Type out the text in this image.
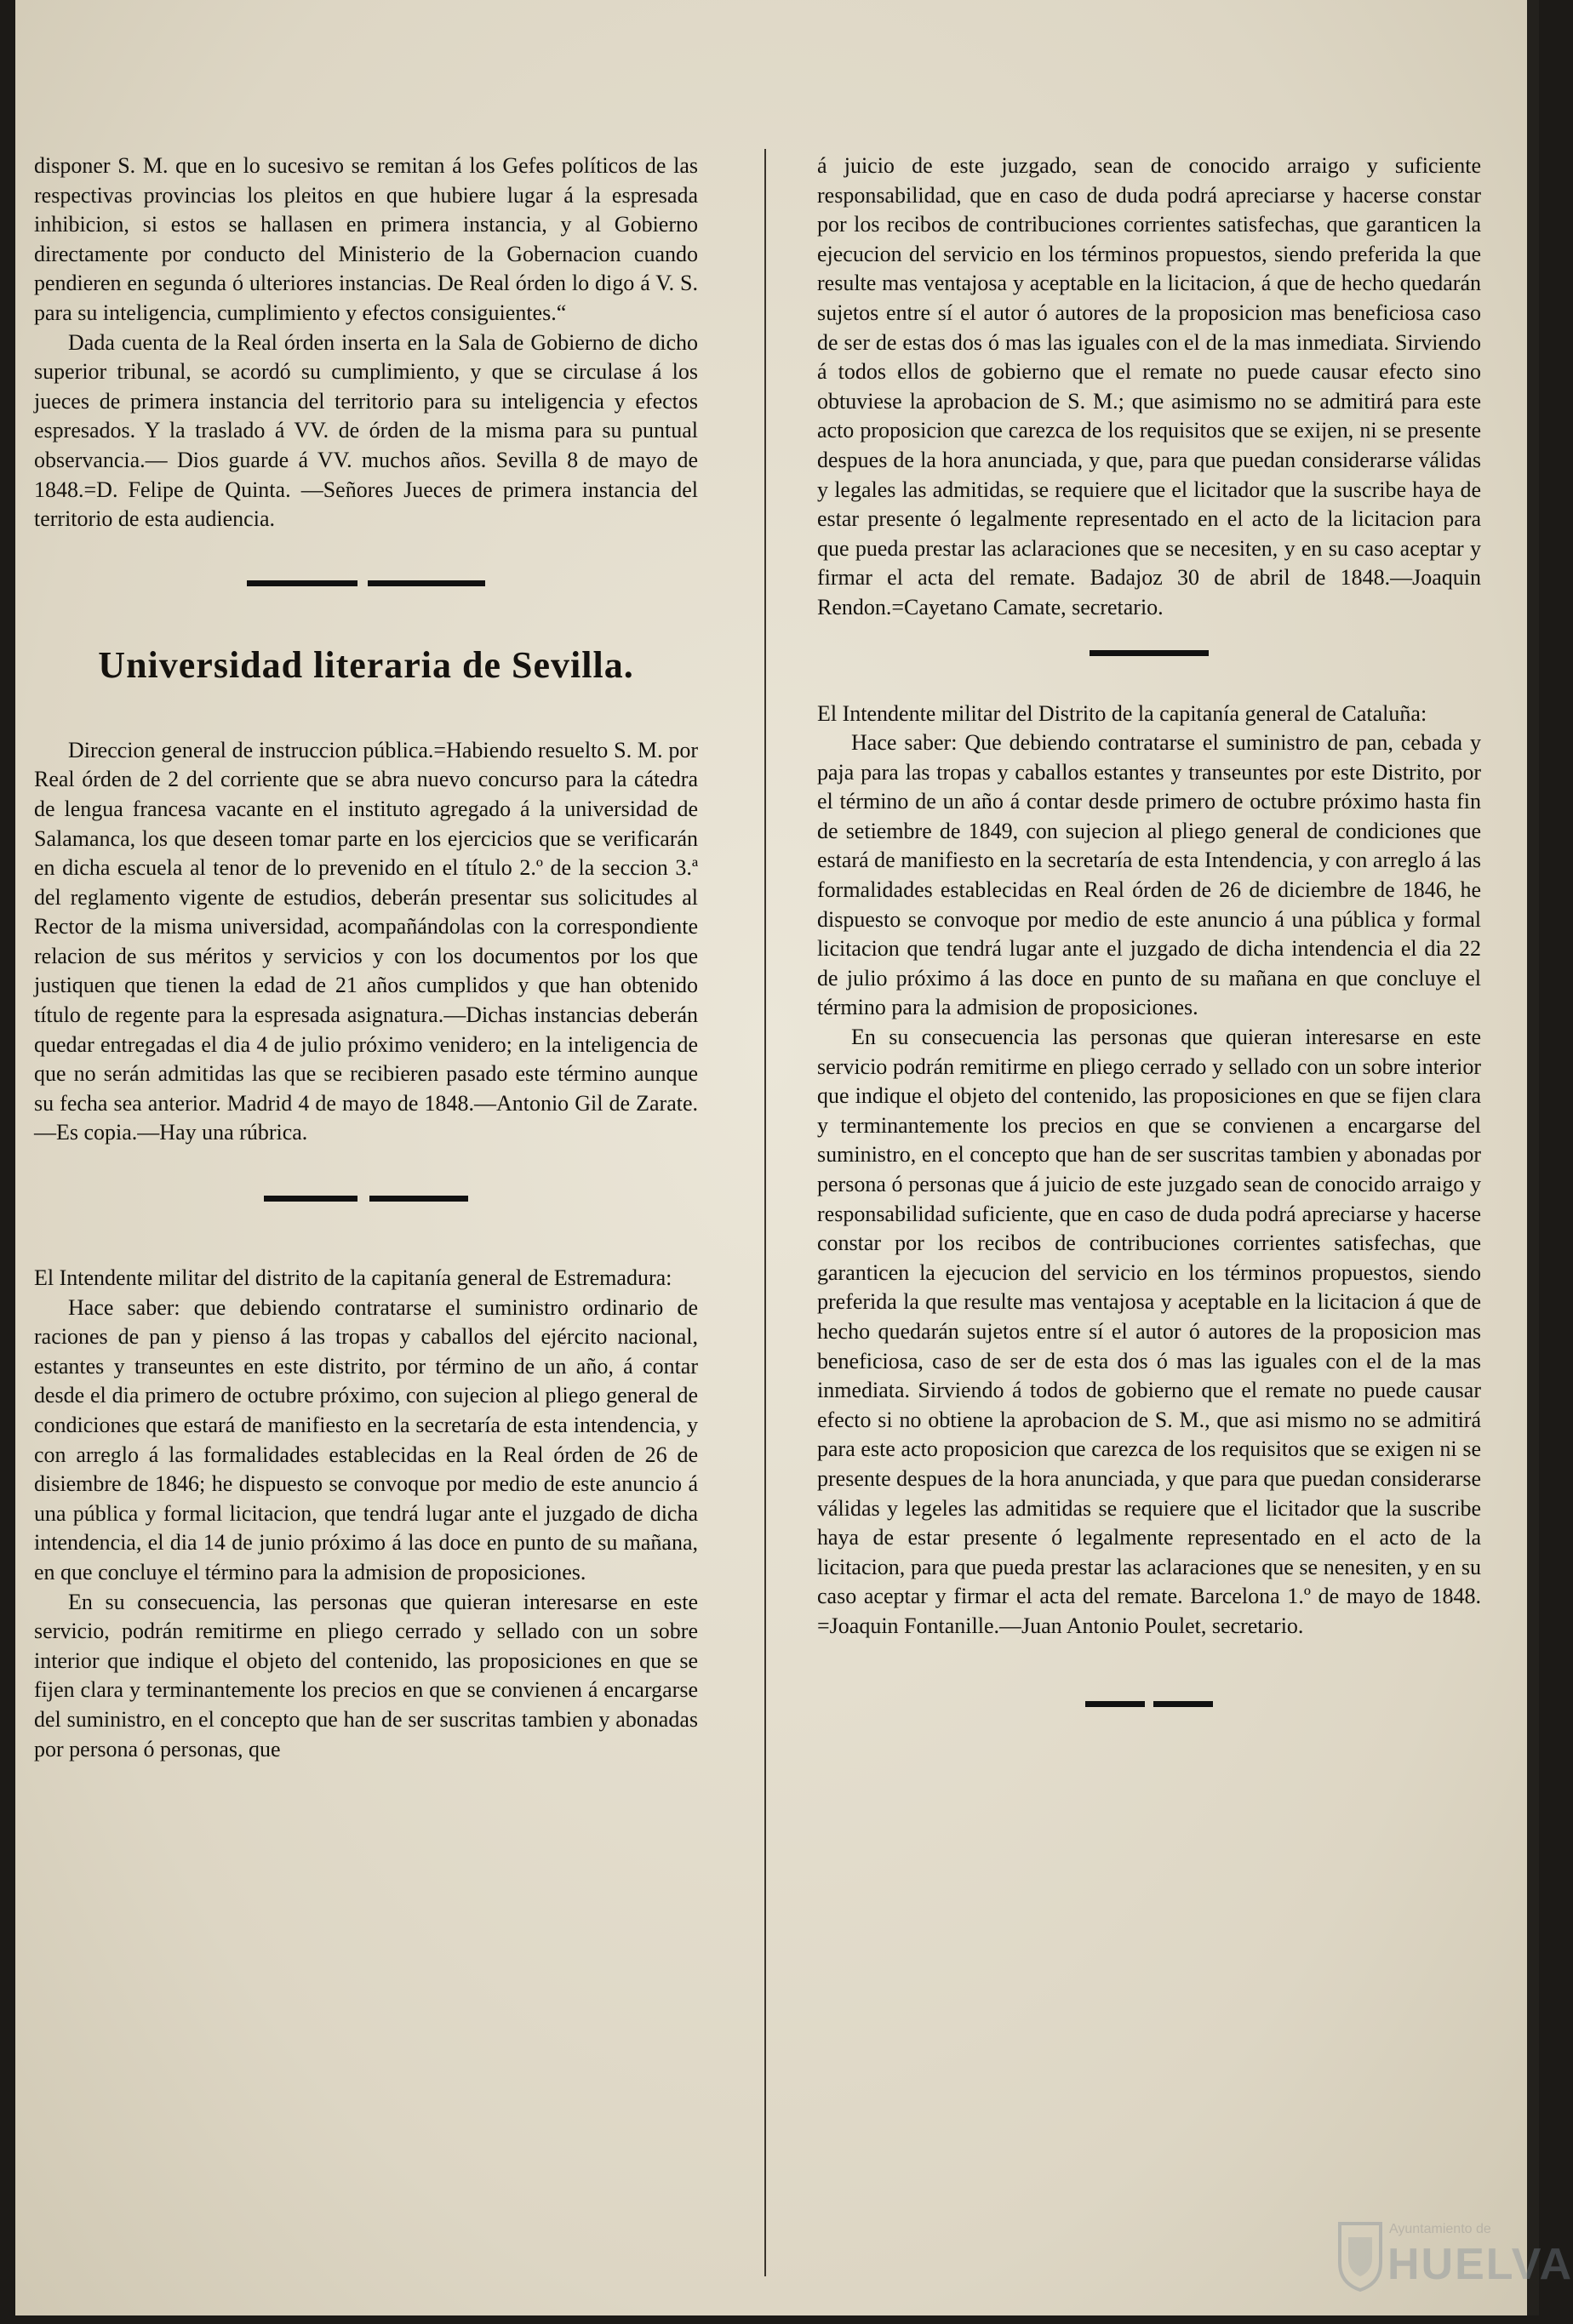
disponer S. M. que en lo sucesivo se remitan á los Gefes políticos de las respectivas provincias los pleitos en que hubiere lugar á la espresada inhibicion, si estos se hallasen en primera instancia, y al Gobierno directamente por conducto del Ministerio de la Gobernacion cuando pendieren en segunda ó ulteriores instancias. De Real órden lo digo á V. S. para su inteligencia, cumplimiento y efectos consiguientes.“

Dada cuenta de la Real órden inserta en la Sala de Gobierno de dicho superior tribunal, se acordó su cumplimiento, y que se circulase á los jueces de primera instancia del territorio para su inteligencia y efectos espresados. Y la traslado á VV. de órden de la misma para su puntual observancia.— Dios guarde á VV. muchos años. Sevilla 8 de mayo de 1848.=D. Felipe de Quinta. —Señores Jueces de primera instancia del territorio de esta audiencia.

Universidad literaria de Sevilla.

Direccion general de instruccion pública.=Habiendo resuelto S. M. por Real órden de 2 del corriente que se abra nuevo concurso para la cátedra de lengua francesa vacante en el instituto agregado á la universidad de Salamanca, los que deseen tomar parte en los ejercicios que se verificarán en dicha escuela al tenor de lo prevenido en el título 2.º de la seccion 3.ª del reglamento vigente de estudios, deberán presentar sus solicitudes al Rector de la misma universidad, acompañándolas con la correspondiente relacion de sus méritos y servicios y con los documentos por los que justiquen que tienen la edad de 21 años cumplidos y que han obtenido título de regente para la espresada asignatura.—Dichas instancias deberán quedar entregadas el dia 4 de julio próximo venidero; en la inteligencia de que no serán admitidas las que se recibieren pasado este término aunque su fecha sea anterior. Madrid 4 de mayo de 1848.—Antonio Gil de Zarate.—Es copia.—Hay una rúbrica.

El Intendente militar del distrito de la capitanía general de Estremadura:

Hace saber: que debiendo contratarse el suministro ordinario de raciones de pan y pienso á las tropas y caballos del ejército nacional, estantes y transeuntes en este distrito, por término de un año, á contar desde el dia primero de octubre próximo, con sujecion al pliego general de condiciones que estará de manifiesto en la secretaría de esta intendencia, y con arreglo á las formalidades establecidas en la Real órden de 26 de disiembre de 1846; he dispuesto se convoque por medio de este anuncio á una pública y formal licitacion, que tendrá lugar ante el juzgado de dicha intendencia, el dia 14 de junio próximo á las doce en punto de su mañana, en que concluye el término para la admision de proposiciones.

En su consecuencia, las personas que quieran interesarse en este servicio, podrán remitirme en pliego cerrado y sellado con un sobre interior que indique el objeto del contenido, las proposiciones en que se fijen clara y terminantemente los precios en que se convienen á encargarse del suministro, en el concepto que han de ser suscritas tambien y abonadas por persona ó personas, que

á juicio de este juzgado, sean de conocido arraigo y suficiente responsabilidad, que en caso de duda podrá apreciarse y hacerse constar por los recibos de contribuciones corrientes satisfechas, que garanticen la ejecucion del servicio en los términos propuestos, siendo preferida la que resulte mas ventajosa y aceptable en la licitacion, á que de hecho quedarán sujetos entre sí el autor ó autores de la proposicion mas beneficiosa caso de ser de estas dos ó mas las iguales con el de la mas inmediata. Sirviendo á todos ellos de gobierno que el remate no puede causar efecto sino obtuviese la aprobacion de S. M.; que asimismo no se admitirá para este acto proposicion que carezca de los requisitos que se exijen, ni se presente despues de la hora anunciada, y que, para que puedan considerarse válidas y legales las admitidas, se requiere que el licitador que la suscribe haya de estar presente ó legalmente representado en el acto de la licitacion para que pueda prestar las aclaraciones que se necesiten, y en su caso aceptar y firmar el acta del remate. Badajoz 30 de abril de 1848.—Joaquin Rendon.=Cayetano Camate, secretario.

El Intendente militar del Distrito de la capitanía general de Cataluña:

Hace saber: Que debiendo contratarse el suministro de pan, cebada y paja para las tropas y caballos estantes y transeuntes por este Distrito, por el término de un año á contar desde primero de octubre próximo hasta fin de setiembre de 1849, con sujecion al pliego general de condiciones que estará de manifiesto en la secretaría de esta Intendencia, y con arreglo á las formalidades establecidas en Real órden de 26 de diciembre de 1846, he dispuesto se convoque por medio de este anuncio á una pública y formal licitacion que tendrá lugar ante el juzgado de dicha intendencia el dia 22 de julio próximo á las doce en punto de su mañana en que concluye el término para la admision de proposiciones.

En su consecuencia las personas que quieran interesarse en este servicio podrán remitirme en pliego cerrado y sellado con un sobre interior que indique el objeto del contenido, las proposiciones en que se fijen clara y terminantemente los precios en que se convienen a encargarse del suministro, en el concepto que han de ser suscritas tambien y abonadas por persona ó personas que á juicio de este juzgado sean de conocido arraigo y responsabilidad suficiente, que en caso de duda podrá apreciarse y hacerse constar por los recibos de contribuciones corrientes satisfechas, que garanticen la ejecucion del servicio en los términos propuestos, siendo preferida la que resulte mas ventajosa y aceptable en la licitacion á que de hecho quedarán sujetos entre sí el autor ó autores de la proposicion mas beneficiosa, caso de ser de esta dos ó mas las iguales con el de la mas inmediata. Sirviendo á todos de gobierno que el remate no puede causar efecto si no obtiene la aprobacion de S. M., que asi mismo no se admitirá para este acto proposicion que carezca de los requisitos que se exigen ni se presente despues de la hora anunciada, y que para que puedan considerarse válidas y legeles las admitidas se requiere que el licitador que la suscribe haya de estar presente ó legalmente representado en el acto de la licitacion, para que pueda prestar las aclaraciones que se nenesiten, y en su caso aceptar y firmar el acta del remate. Barcelona 1.º de mayo de 1848. =Joaquin Fontanille.—Juan Antonio Poulet, secretario.

Ayuntamiento de
HUELVA
